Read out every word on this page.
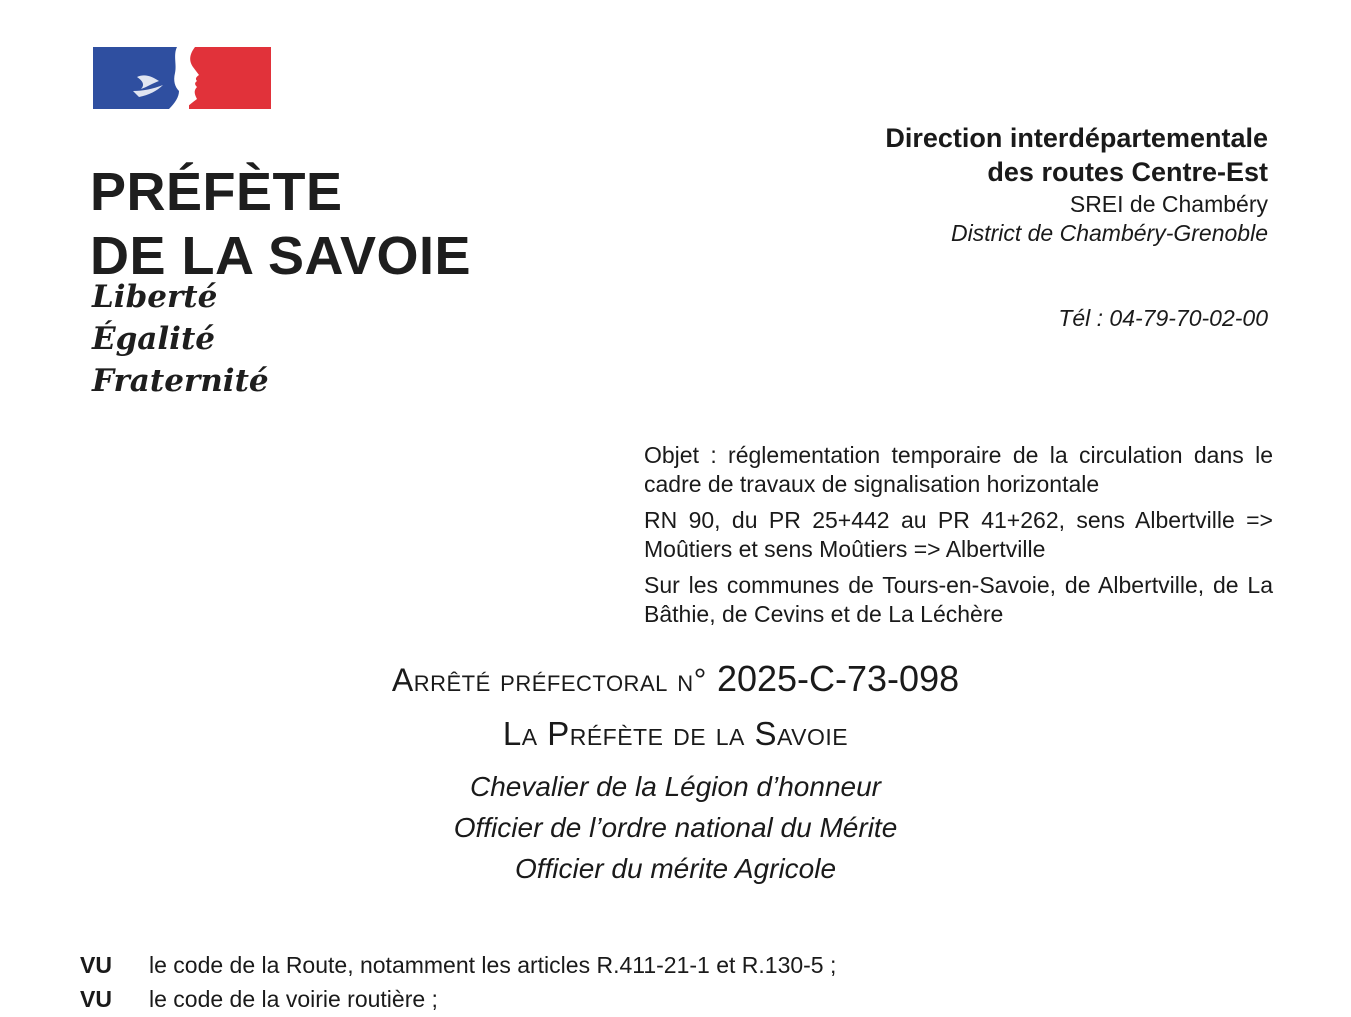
PRÉFÈTE
DE LA SAVOIE
Liberté
Égalité
Fraternité
Direction interdépartementale
des routes Centre-Est
SREI de Chambéry
District de Chambéry-Grenoble
Tél : 04-79-70-02-00

Objet : réglementation temporaire de la circulation dans le cadre de travaux de signalisation horizontale

RN 90, du PR 25+442 au PR 41+262, sens Albertville => Moûtiers et sens Moûtiers => Albertville

Sur les communes de Tours-en-Savoie, de Albertville, de La Bâthie, de Cevins et de La Léchère

Arrêté préfectoral n° 2025-C-73-098
La Préfète de la Savoie
Chevalier de la Légion d’honneur
Officier de l’ordre national du Mérite
Officier du mérite Agricole
VU	le code de la Route, notamment les articles R.411-21-1 et R.130-5 ;
VU	le code de la voirie routière ;
